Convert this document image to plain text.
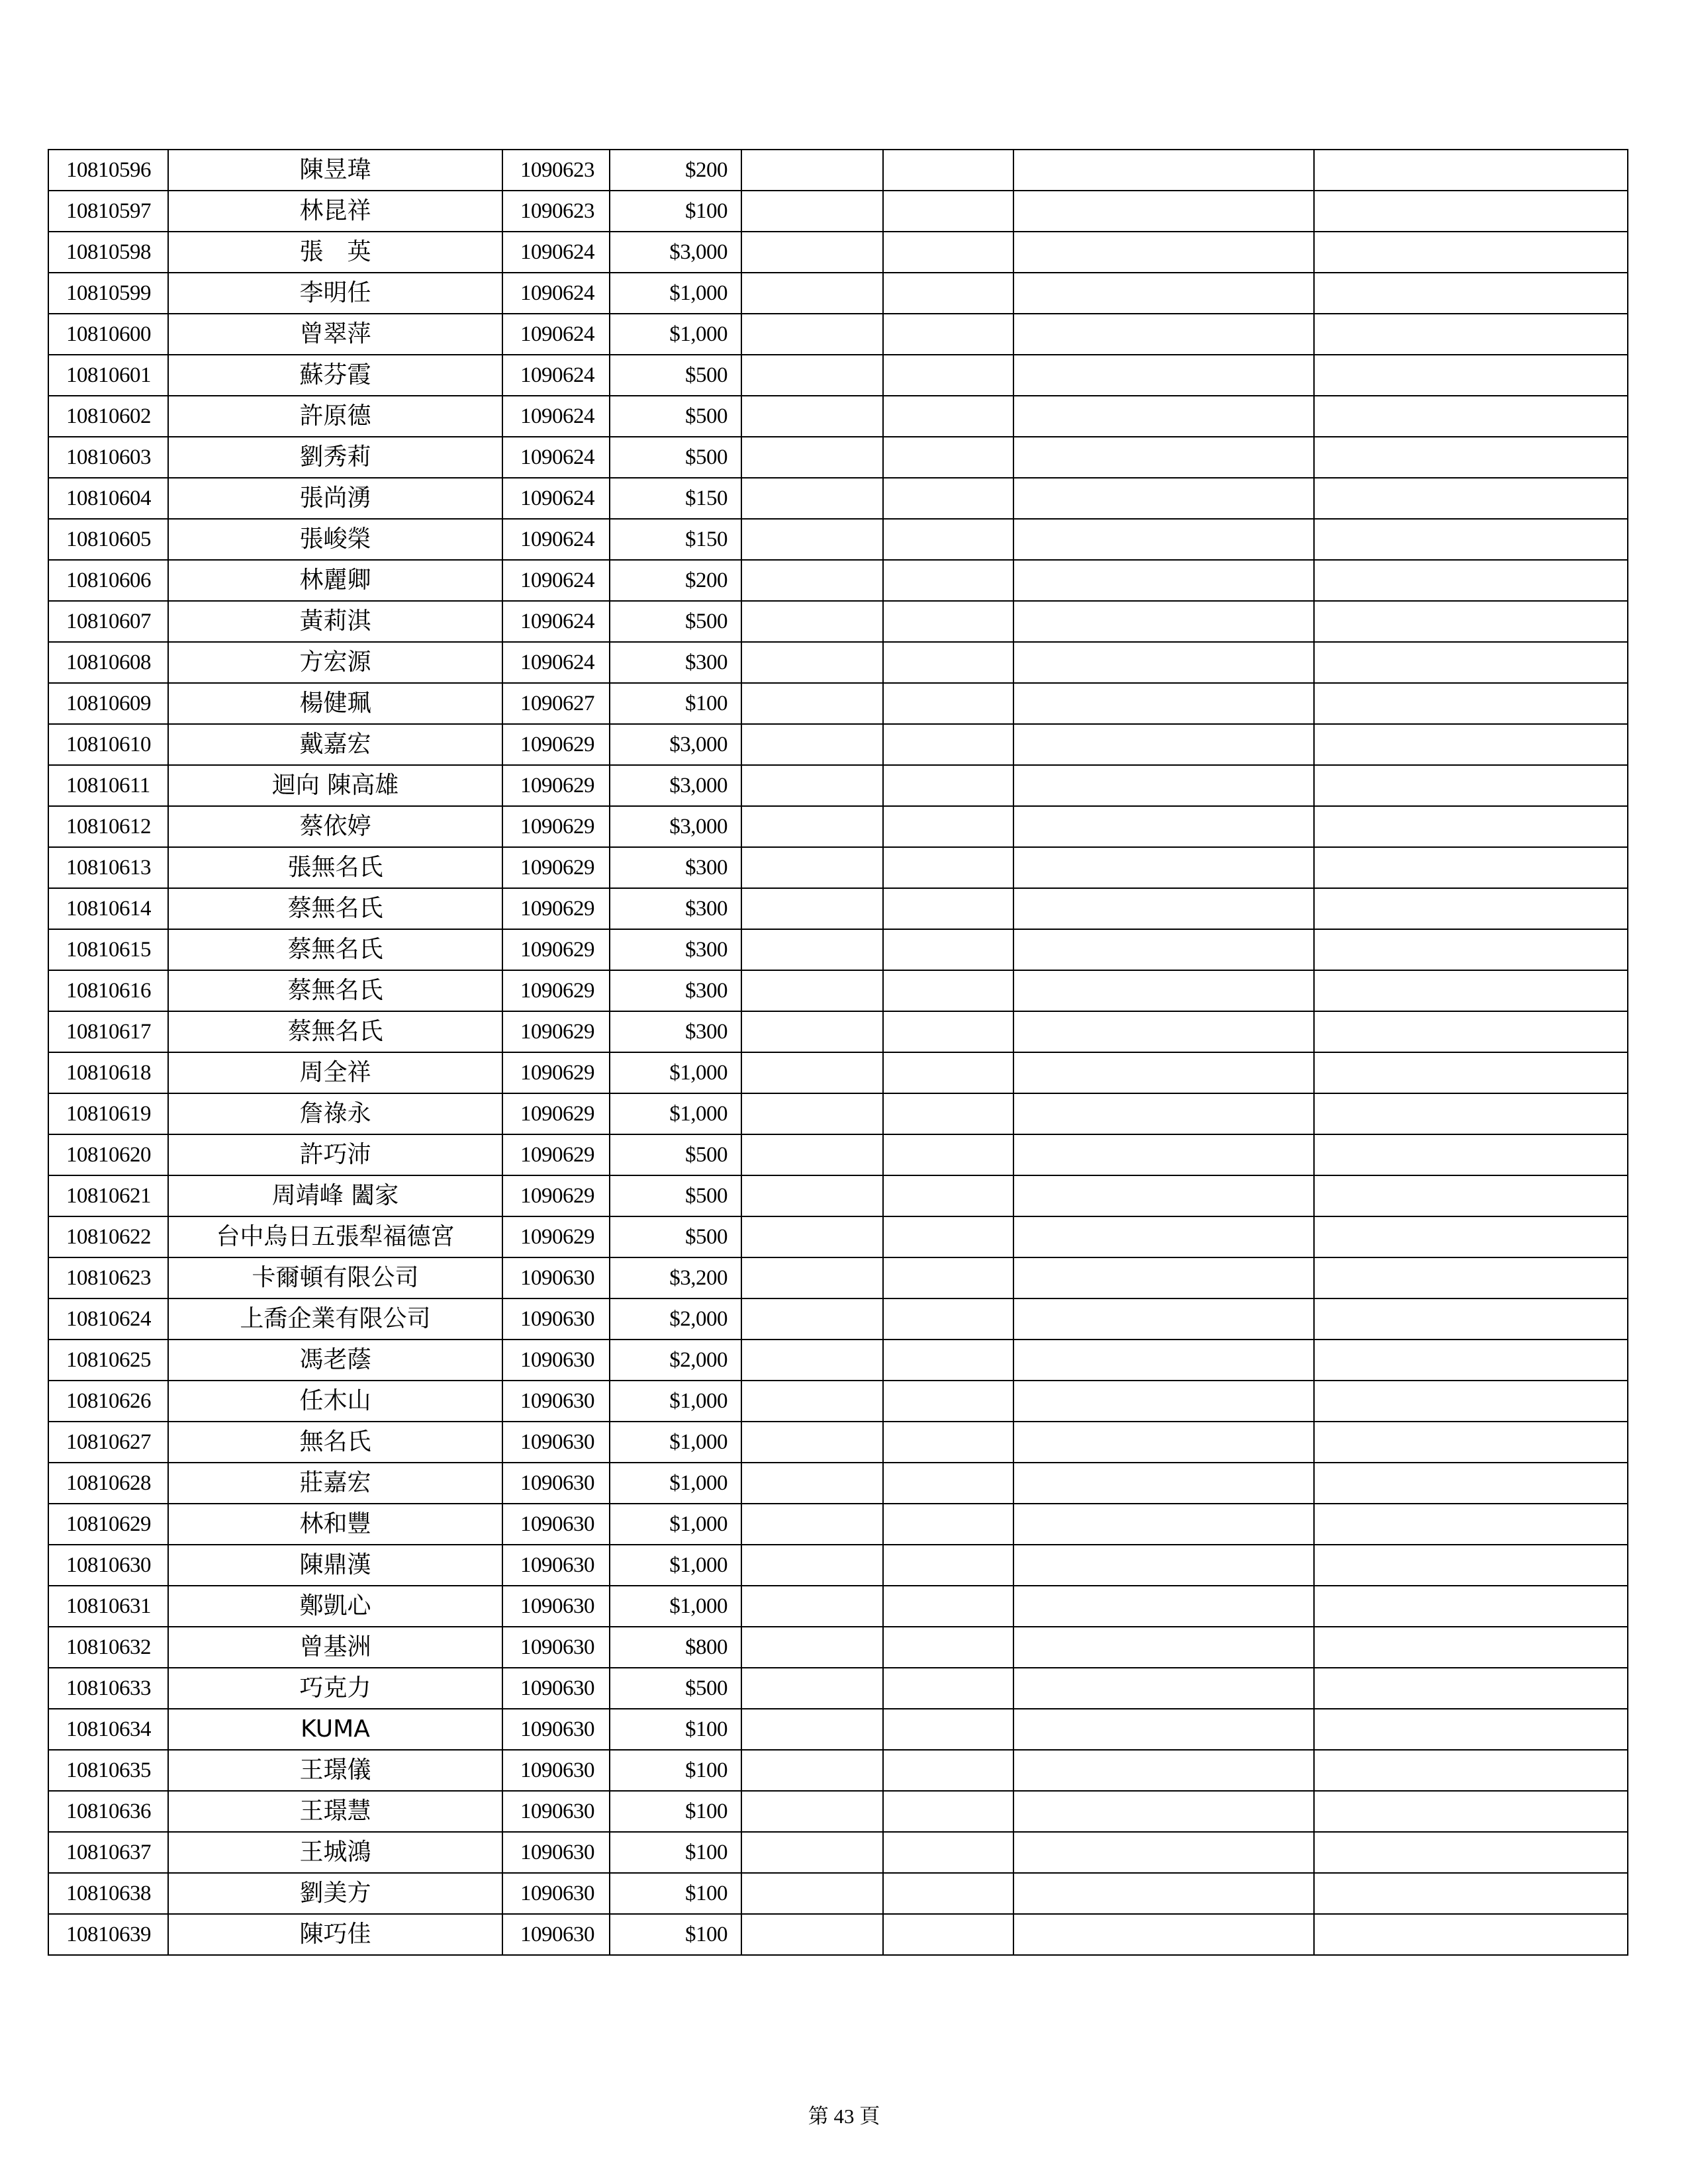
10810596	陳昱瑋	1090623	$200				
10810597	林昆祥	1090623	$100				
10810598	張　英	1090624	$3,000				
10810599	李明任	1090624	$1,000				
10810600	曾翠萍	1090624	$1,000				
10810601	蘇芬霞	1090624	$500				
10810602	許原德	1090624	$500				
10810603	劉秀莉	1090624	$500				
10810604	張尚湧	1090624	$150				
10810605	張峻榮	1090624	$150				
10810606	林麗卿	1090624	$200				
10810607	黃莉淇	1090624	$500				
10810608	方宏源	1090624	$300				
10810609	楊健珮	1090627	$100				
10810610	戴嘉宏	1090629	$3,000				
10810611	迴向 陳高雄	1090629	$3,000				
10810612	蔡依婷	1090629	$3,000				
10810613	張無名氏	1090629	$300				
10810614	蔡無名氏	1090629	$300				
10810615	蔡無名氏	1090629	$300				
10810616	蔡無名氏	1090629	$300				
10810617	蔡無名氏	1090629	$300				
10810618	周全祥	1090629	$1,000				
10810619	詹祿永	1090629	$1,000				
10810620	許巧沛	1090629	$500				
10810621	周靖峰 闔家	1090629	$500				
10810622	台中烏日五張犁福德宮	1090629	$500				
10810623	卡爾頓有限公司	1090630	$3,200				
10810624	上喬企業有限公司	1090630	$2,000				
10810625	馮老蔭	1090630	$2,000				
10810626	任木山	1090630	$1,000				
10810627	無名氏	1090630	$1,000				
10810628	莊嘉宏	1090630	$1,000				
10810629	林和豐	1090630	$1,000				
10810630	陳鼎漢	1090630	$1,000				
10810631	鄭凱心	1090630	$1,000				
10810632	曾基洲	1090630	$800				
10810633	巧克力	1090630	$500				
10810634	KUMA	1090630	$100				
10810635	王璟儀	1090630	$100				
10810636	王璟慧	1090630	$100				
10810637	王城鴻	1090630	$100				
10810638	劉美方	1090630	$100				
10810639	陳巧佳	1090630	$100				
第 43 頁
